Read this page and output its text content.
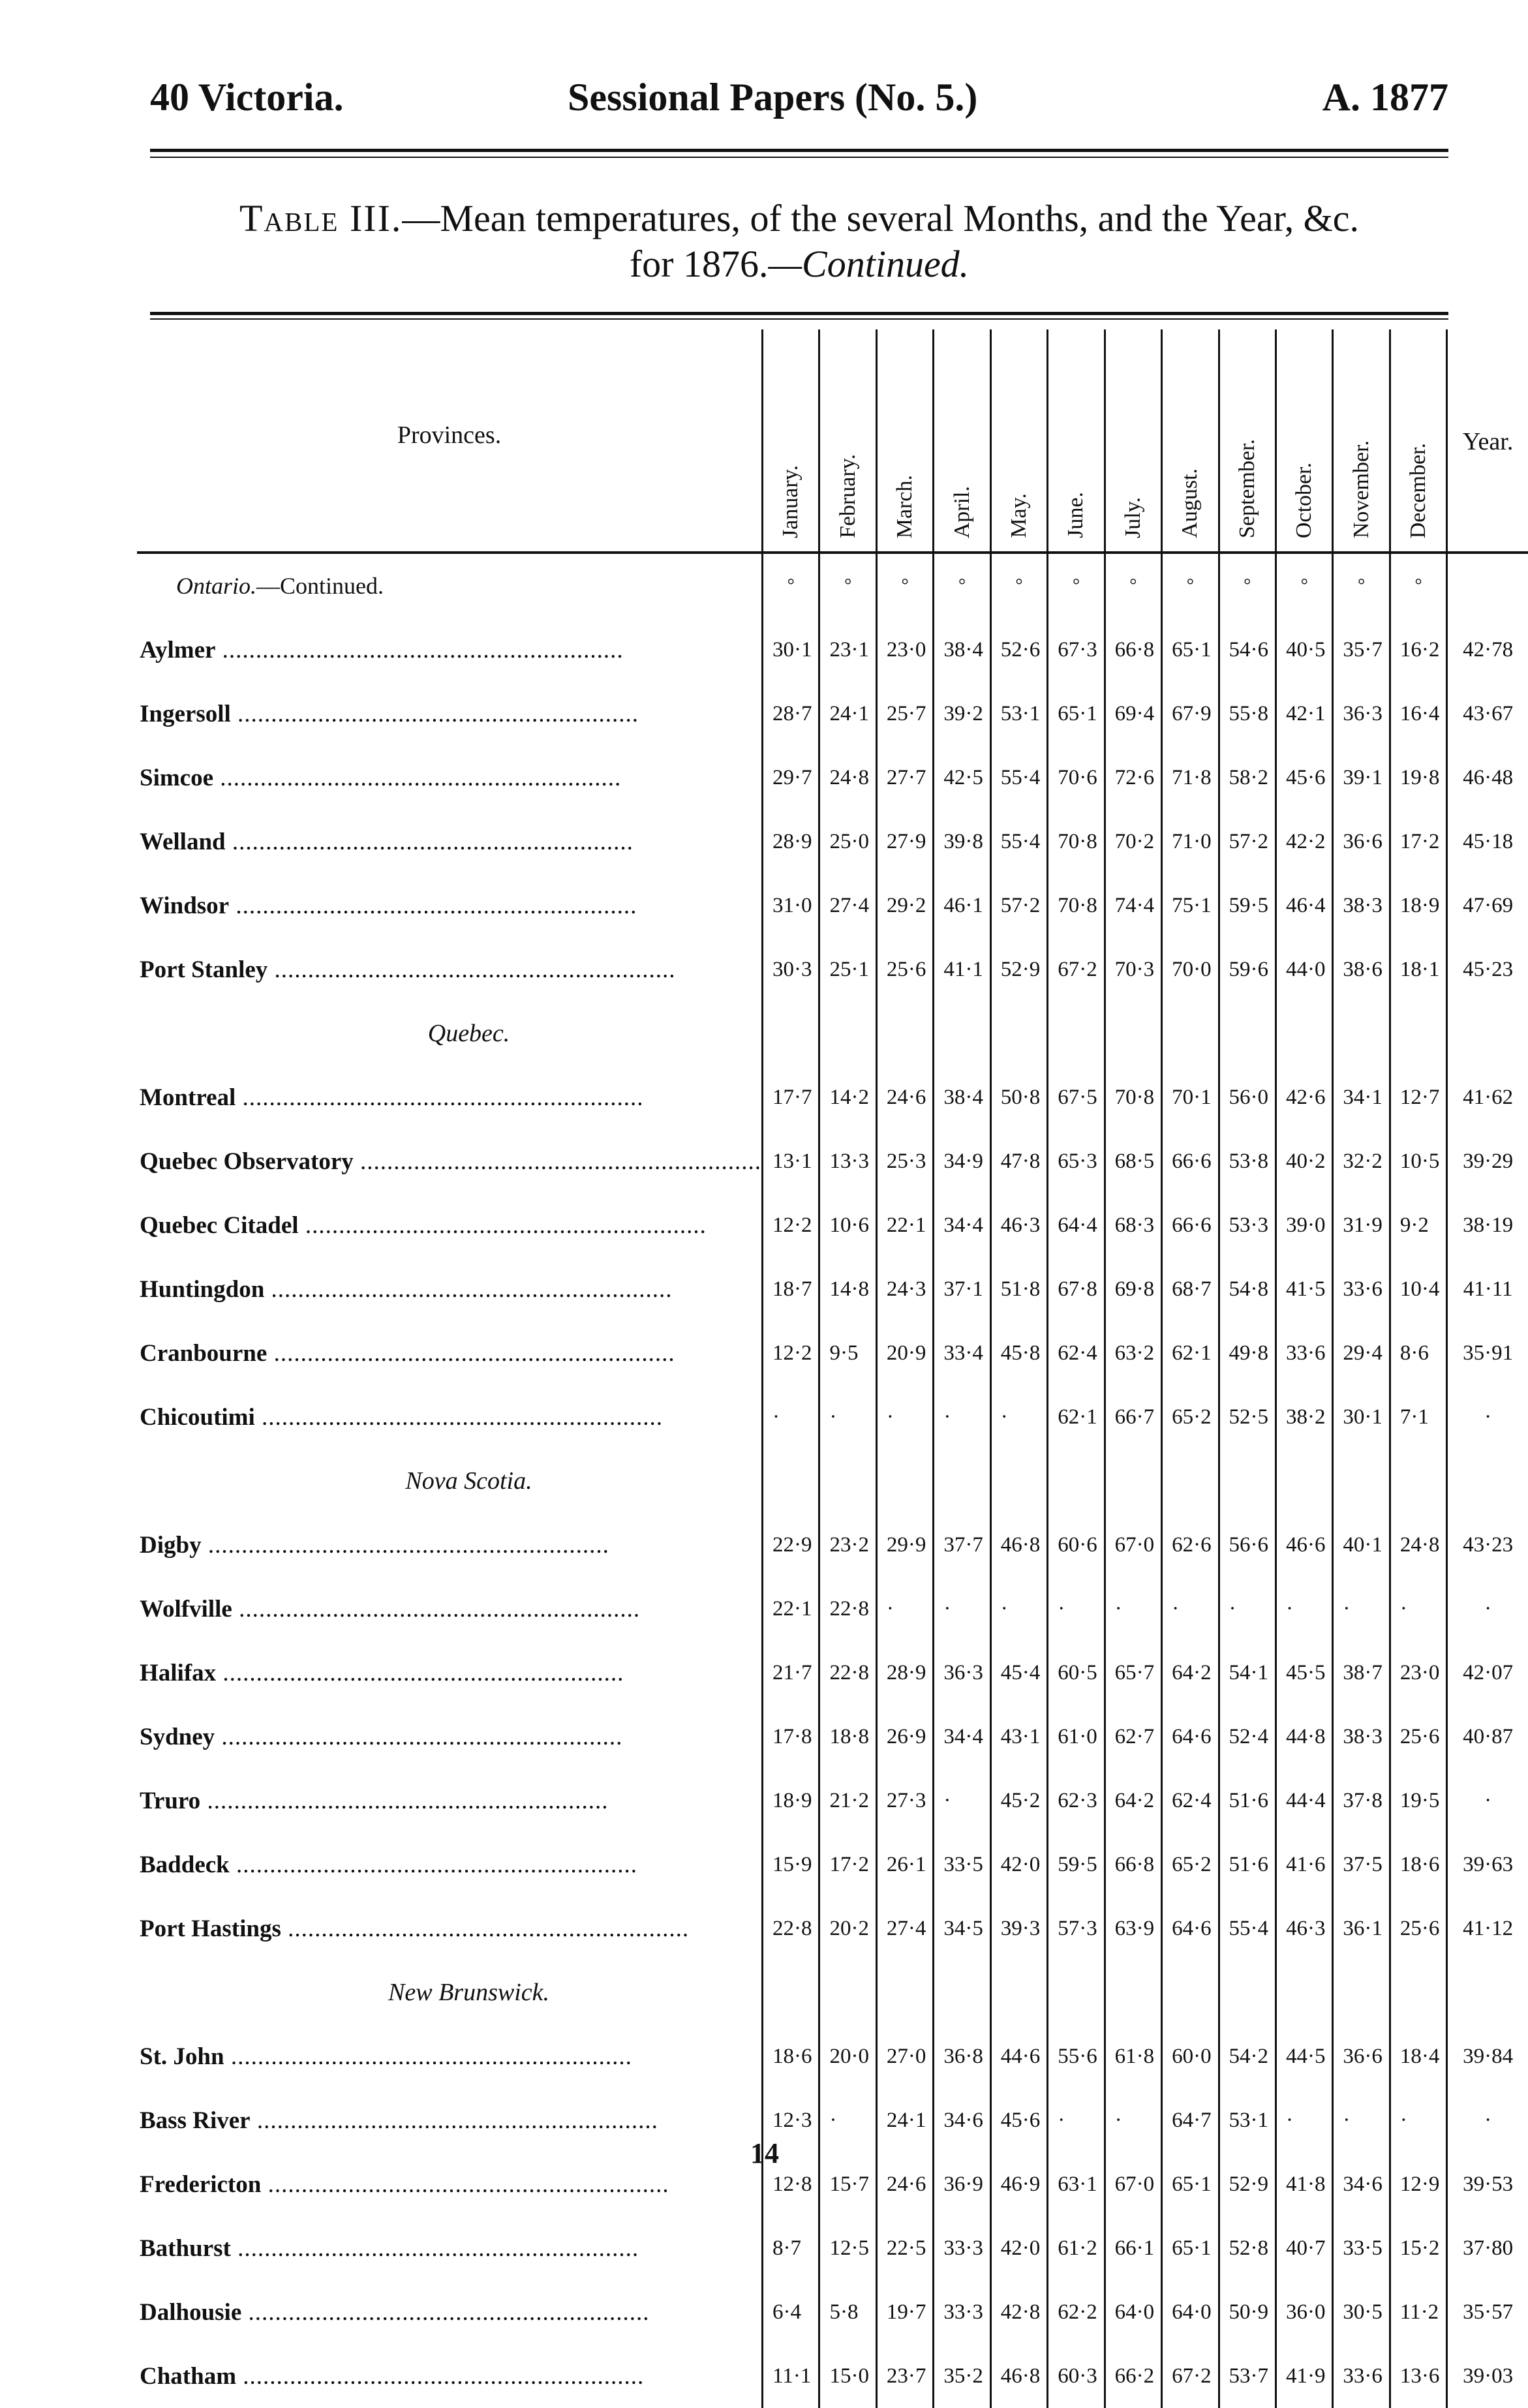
40 Victoria.	Sessional Papers (No. 5.)	A. 1877
Table III.—Mean temperatures, of the several Months, and the Year, &c.
for 1876.—Continued.
Provinces.	January.	February.	March.	April.	May.	June.	July.	August.	September.	October.	November.	December.	Year.

Ontario.—Continued.	°	°	°	°	°	°	°	°	°	°	°	°	
Aylmer ............................................................	30·1	23·1	23·0	38·4	52·6	67·3	66·8	65·1	54·6	40·5	35·7	16·2	42·78
Ingersoll ............................................................	28·7	24·1	25·7	39·2	53·1	65·1	69·4	67·9	55·8	42·1	36·3	16·4	43·67
Simcoe ............................................................	29·7	24·8	27·7	42·5	55·4	70·6	72·6	71·8	58·2	45·6	39·1	19·8	46·48
Welland ............................................................	28·9	25·0	27·9	39·8	55·4	70·8	70·2	71·0	57·2	42·2	36·6	17·2	45·18
Windsor ............................................................	31·0	27·4	29·2	46·1	57·2	70·8	74·4	75·1	59·5	46·4	38·3	18·9	47·69
Port Stanley ............................................................	30·3	25·1	25·6	41·1	52·9	67·2	70·3	70·0	59·6	44·0	38·6	18·1	45·23
Quebec.													
Montreal ............................................................	17·7	14·2	24·6	38·4	50·8	67·5	70·8	70·1	56·0	42·6	34·1	12·7	41·62
Quebec Observatory ............................................................	13·1	13·3	25·3	34·9	47·8	65·3	68·5	66·6	53·8	40·2	32·2	10·5	39·29
Quebec Citadel ............................................................	12·2	10·6	22·1	34·4	46·3	64·4	68·3	66·6	53·3	39·0	31·9	9·2	38·19
Huntingdon ............................................................	18·7	14·8	24·3	37·1	51·8	67·8	69·8	68·7	54·8	41·5	33·6	10·4	41·11
Cranbourne ............................................................	12·2	9·5	20·9	33·4	45·8	62·4	63·2	62·1	49·8	33·6	29·4	8·6	35·91
Chicoutimi ............................................................	·	·	·	·	·	62·1	66·7	65·2	52·5	38·2	30·1	7·1	·
Nova Scotia.													
Digby ............................................................	22·9	23·2	29·9	37·7	46·8	60·6	67·0	62·6	56·6	46·6	40·1	24·8	43·23
Wolfville ............................................................	22·1	22·8	·	·	·	·	·	·	·	·	·	·	·
Halifax ............................................................	21·7	22·8	28·9	36·3	45·4	60·5	65·7	64·2	54·1	45·5	38·7	23·0	42·07
Sydney ............................................................	17·8	18·8	26·9	34·4	43·1	61·0	62·7	64·6	52·4	44·8	38·3	25·6	40·87
Truro ............................................................	18·9	21·2	27·3	·	45·2	62·3	64·2	62·4	51·6	44·4	37·8	19·5	·
Baddeck ............................................................	15·9	17·2	26·1	33·5	42·0	59·5	66·8	65·2	51·6	41·6	37·5	18·6	39·63
Port Hastings ............................................................	22·8	20·2	27·4	34·5	39·3	57·3	63·9	64·6	55·4	46·3	36·1	25·6	41·12
New Brunswick.													
St. John ............................................................	18·6	20·0	27·0	36·8	44·6	55·6	61·8	60·0	54·2	44·5	36·6	18·4	39·84
Bass River ............................................................	12·3	·	24·1	34·6	45·6	·	·	64·7	53·1	·	·	·	·
Fredericton ............................................................	12·8	15·7	24·6	36·9	46·9	63·1	67·0	65·1	52·9	41·8	34·6	12·9	39·53
Bathurst ............................................................	8·7	12·5	22·5	33·3	42·0	61·2	66·1	65·1	52·8	40·7	33·5	15·2	37·80
Dalhousie ............................................................	6·4	5·8	19·7	33·3	42·8	62·2	64·0	64·0	50·9	36·0	30·5	11·2	35·57
Chatham ............................................................	11·1	15·0	23·7	35·2	46·8	60·3	66·2	67·2	53·7	41·9	33·6	13·6	39·03
14
